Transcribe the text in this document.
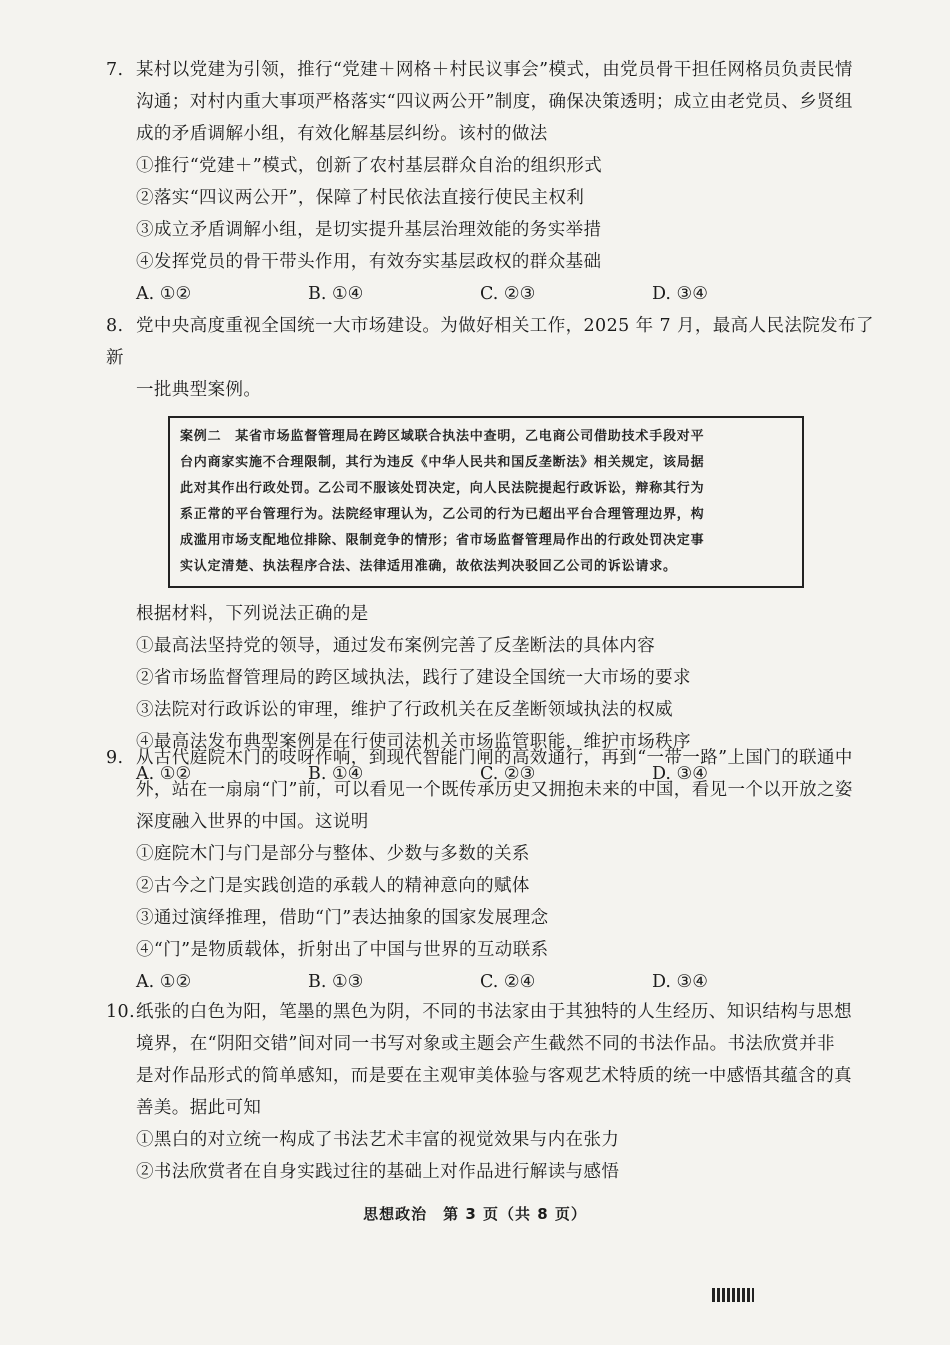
7. 某村以党建为引领，推行“党建＋网格＋村民议事会”模式，由党员骨干担任网格员负责民情

沟通；对村内重大事项严格落实“四议两公开”制度，确保决策透明；成立由老党员、乡贤组

成的矛盾调解小组，有效化解基层纠纷。该村的做法

①推行“党建＋”模式，创新了农村基层群众自治的组织形式
②落实“四议两公开”，保障了村民依法直接行使民主权利
③成立矛盾调解小组，是切实提升基层治理效能的务实举措
④发挥党员的骨干带头作用，有效夯实基层政权的群众基础
A. ①②	B. ①④	C. ②③	D. ③④

8. 党中央高度重视全国统一大市场建设。为做好相关工作，2025 年 7 月，最高人民法院发布了新

一批典型案例。

案例二　某省市场监督管理局在跨区域联合执法中查明，乙电商公司借助技术手段对平
台内商家实施不合理限制，其行为违反《中华人民共和国反垄断法》相关规定，该局据
此对其作出行政处罚。乙公司不服该处罚决定，向人民法院提起行政诉讼，辩称其行为
系正常的平台管理行为。法院经审理认为，乙公司的行为已超出平台合理管理边界，构
成滥用市场支配地位排除、限制竞争的情形；省市场监督管理局作出的行政处罚决定事
实认定清楚、执法程序合法、法律适用准确，故依法判决驳回乙公司的诉讼请求。
根据材料，下列说法正确的是
①最高法坚持党的领导，通过发布案例完善了反垄断法的具体内容
②省市场监督管理局的跨区域执法，践行了建设全国统一大市场的要求
③法院对行政诉讼的审理，维护了行政机关在反垄断领域执法的权威
④最高法发布典型案例是在行使司法机关市场监管职能，维护市场秩序
A. ①②	B. ①④	C. ②③	D. ③④

9. 从古代庭院木门的吱呀作响，到现代智能门闸的高效通行，再到“一带一路”上国门的联通中

外，站在一扇扇“门”前，可以看见一个既传承历史又拥抱未来的中国，看见一个以开放之姿

深度融入世界的中国。这说明

①庭院木门与门是部分与整体、少数与多数的关系
②古今之门是实践创造的承载人的精神意向的赋体
③通过演绎推理，借助“门”表达抽象的国家发展理念
④“门”是物质载体，折射出了中国与世界的互动联系
A. ①②	B. ①③	C. ②④	D. ③④

10.纸张的白色为阳，笔墨的黑色为阴，不同的书法家由于其独特的人生经历、知识结构与思想

境界，在“阴阳交错”间对同一书写对象或主题会产生截然不同的书法作品。书法欣赏并非

是对作品形式的简单感知，而是要在主观审美体验与客观艺术特质的统一中感悟其蕴含的真

善美。据此可知

①黑白的对立统一构成了书法艺术丰富的视觉效果与内在张力
②书法欣赏者在自身实践过往的基础上对作品进行解读与感悟
思想政治　第 3 页（共 8 页）
